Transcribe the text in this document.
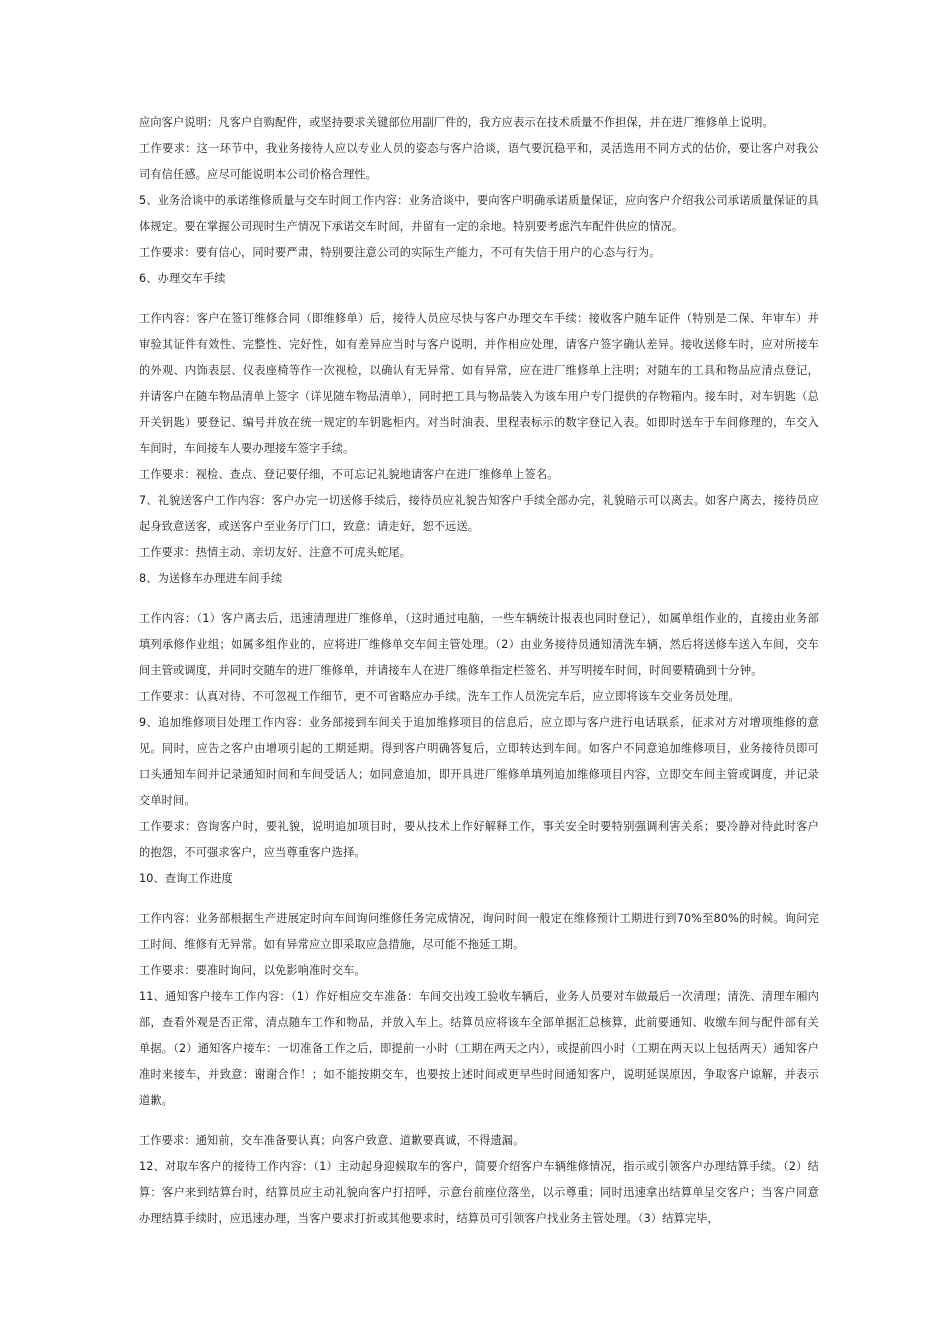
应向客户说明：凡客户自购配件，或坚持要求关键部位用副厂件的，我方应表示在技术质量不作担保，并在进厂维修单上说明。

工作要求：这一环节中，我业务接待人应以专业人员的姿态与客户洽谈，语气要沉稳平和，灵活选用不同方式的估价，要让客户对我公司有信任感。应尽可能说明本公司价格合理性。

5、业务洽谈中的承诺维修质量与交车时间工作内容：业务洽谈中，要向客户明确承诺质量保证，应向客户介绍我公司承诺质量保证的具体规定。要在掌握公司现时生产情况下承诺交车时间，并留有一定的余地。特别要考虑汽车配件供应的情况。

工作要求：要有信心，同时要严肃，特别要注意公司的实际生产能力，不可有失信于用户的心态与行为。

6、办理交车手续

工作内容：客户在签订维修合同（即维修单）后，接待人员应尽快与客户办理交车手续：接收客户随车证件（特别是二保、年审车）并审验其证件有效性、完整性、完好性，如有差异应当时与客户说明，并作相应处理，请客户签字确认差异。接收送修车时，应对所接车的外观、内饰表层、仪表座椅等作一次视检，以确认有无异常、如有异常，应在进厂维修单上注明；对随车的工具和物品应清点登记，并请客户在随车物品清单上签字（详见随车物品清单），同时把工具与物品装入为该车用户专门提供的存物箱内。接车时，对车钥匙（总开关钥匙）要登记、编号并放在统一规定的车钥匙柜内。对当时油表、里程表标示的数字登记入表。如即时送车于车间修理的，车交入车间时，车间接车人要办理接车签字手续。

工作要求：视检、查点、登记要仔细，不可忘记礼貌地请客户在进厂维修单上签名。

7、礼貌送客户工作内容：客户办完一切送修手续后，接待员应礼貌告知客户手续全部办完，礼貌暗示可以离去。如客户离去，接待员应起身致意送客，或送客户至业务厅门口，致意：请走好，恕不远送。

工作要求：热情主动、亲切友好、注意不可虎头蛇尾。

8、为送修车办理进车间手续

工作内容：（1）客户离去后，迅速清理进厂维修单，（这时通过电脑，一些车辆统计报表也同时登记），如属单组作业的，直接由业务部填列承修作业组；如属多组作业的，应将进厂维修单交车间主管处理。（2）由业务接待员通知清洗车辆，然后将送修车送入车间，交车间主管或调度，并同时交随车的进厂维修单，并请接车人在进厂维修单指定栏签名、并写明接车时间，时间要精确到十分钟。

工作要求：认真对待、不可忽视工作细节，更不可省略应办手续。洗车工作人员洗完车后，应立即将该车交业务员处理。

9、追加维修项目处理工作内容：业务部接到车间关于追加维修项目的信息后，应立即与客户进行电话联系，征求对方对增项维修的意见。同时，应告之客户由增项引起的工期延期。得到客户明确答复后，立即转达到车间。如客户不同意追加维修项目，业务接待员即可口头通知车间并记录通知时间和车间受话人；如同意追加，即开具进厂维修单填列追加维修项目内容，立即交车间主管或调度，并记录交单时间。

工作要求：咨询客户时，要礼貌，说明追加项目时，要从技术上作好解释工作，事关安全时要特别强调利害关系；要冷静对待此时客户的抱怨，不可强求客户，应当尊重客户选择。

10、查询工作进度

工作内容：业务部根据生产进展定时向车间询问维修任务完成情况，询问时间一般定在维修预计工期进行到70%至80%的时候。询问完工时间、维修有无异常。如有异常应立即采取应急措施，尽可能不拖延工期。

工作要求：要准时询问，以免影响准时交车。

11、通知客户接车工作内容：（1）作好相应交车准备：车间交出竣工验收车辆后，业务人员要对车做最后一次清理；清洗、清理车厢内部，查看外观是否正常，清点随车工作和物品，并放入车上。结算员应将该车全部单据汇总核算，此前要通知、收缴车间与配件部有关单据。（2）通知客户接车：一切准备工作之后，即提前一小时（工期在两天之内），或提前四小时（工期在两天以上包括两天）通知客户准时来接车，并致意：谢谢合作！；如不能按期交车，也要按上述时间或更早些时间通知客户，说明延误原因，争取客户谅解，并表示道歉。

工作要求：通知前，交车准备要认真；向客户致意、道歉要真诚，不得遗漏。

12、对取车客户的接待工作内容：（1）主动起身迎候取车的客户，简要介绍客户车辆维修情况，指示或引领客户办理结算手续。（2）结算：客户来到结算台时，结算员应主动礼貌向客户打招呼，示意台前座位落坐，以示尊重；同时迅速拿出结算单呈交客户；当客户同意办理结算手续时，应迅速办理，当客户要求打折或其他要求时，结算员可引领客户找业务主管处理。（3）结算完毕，
